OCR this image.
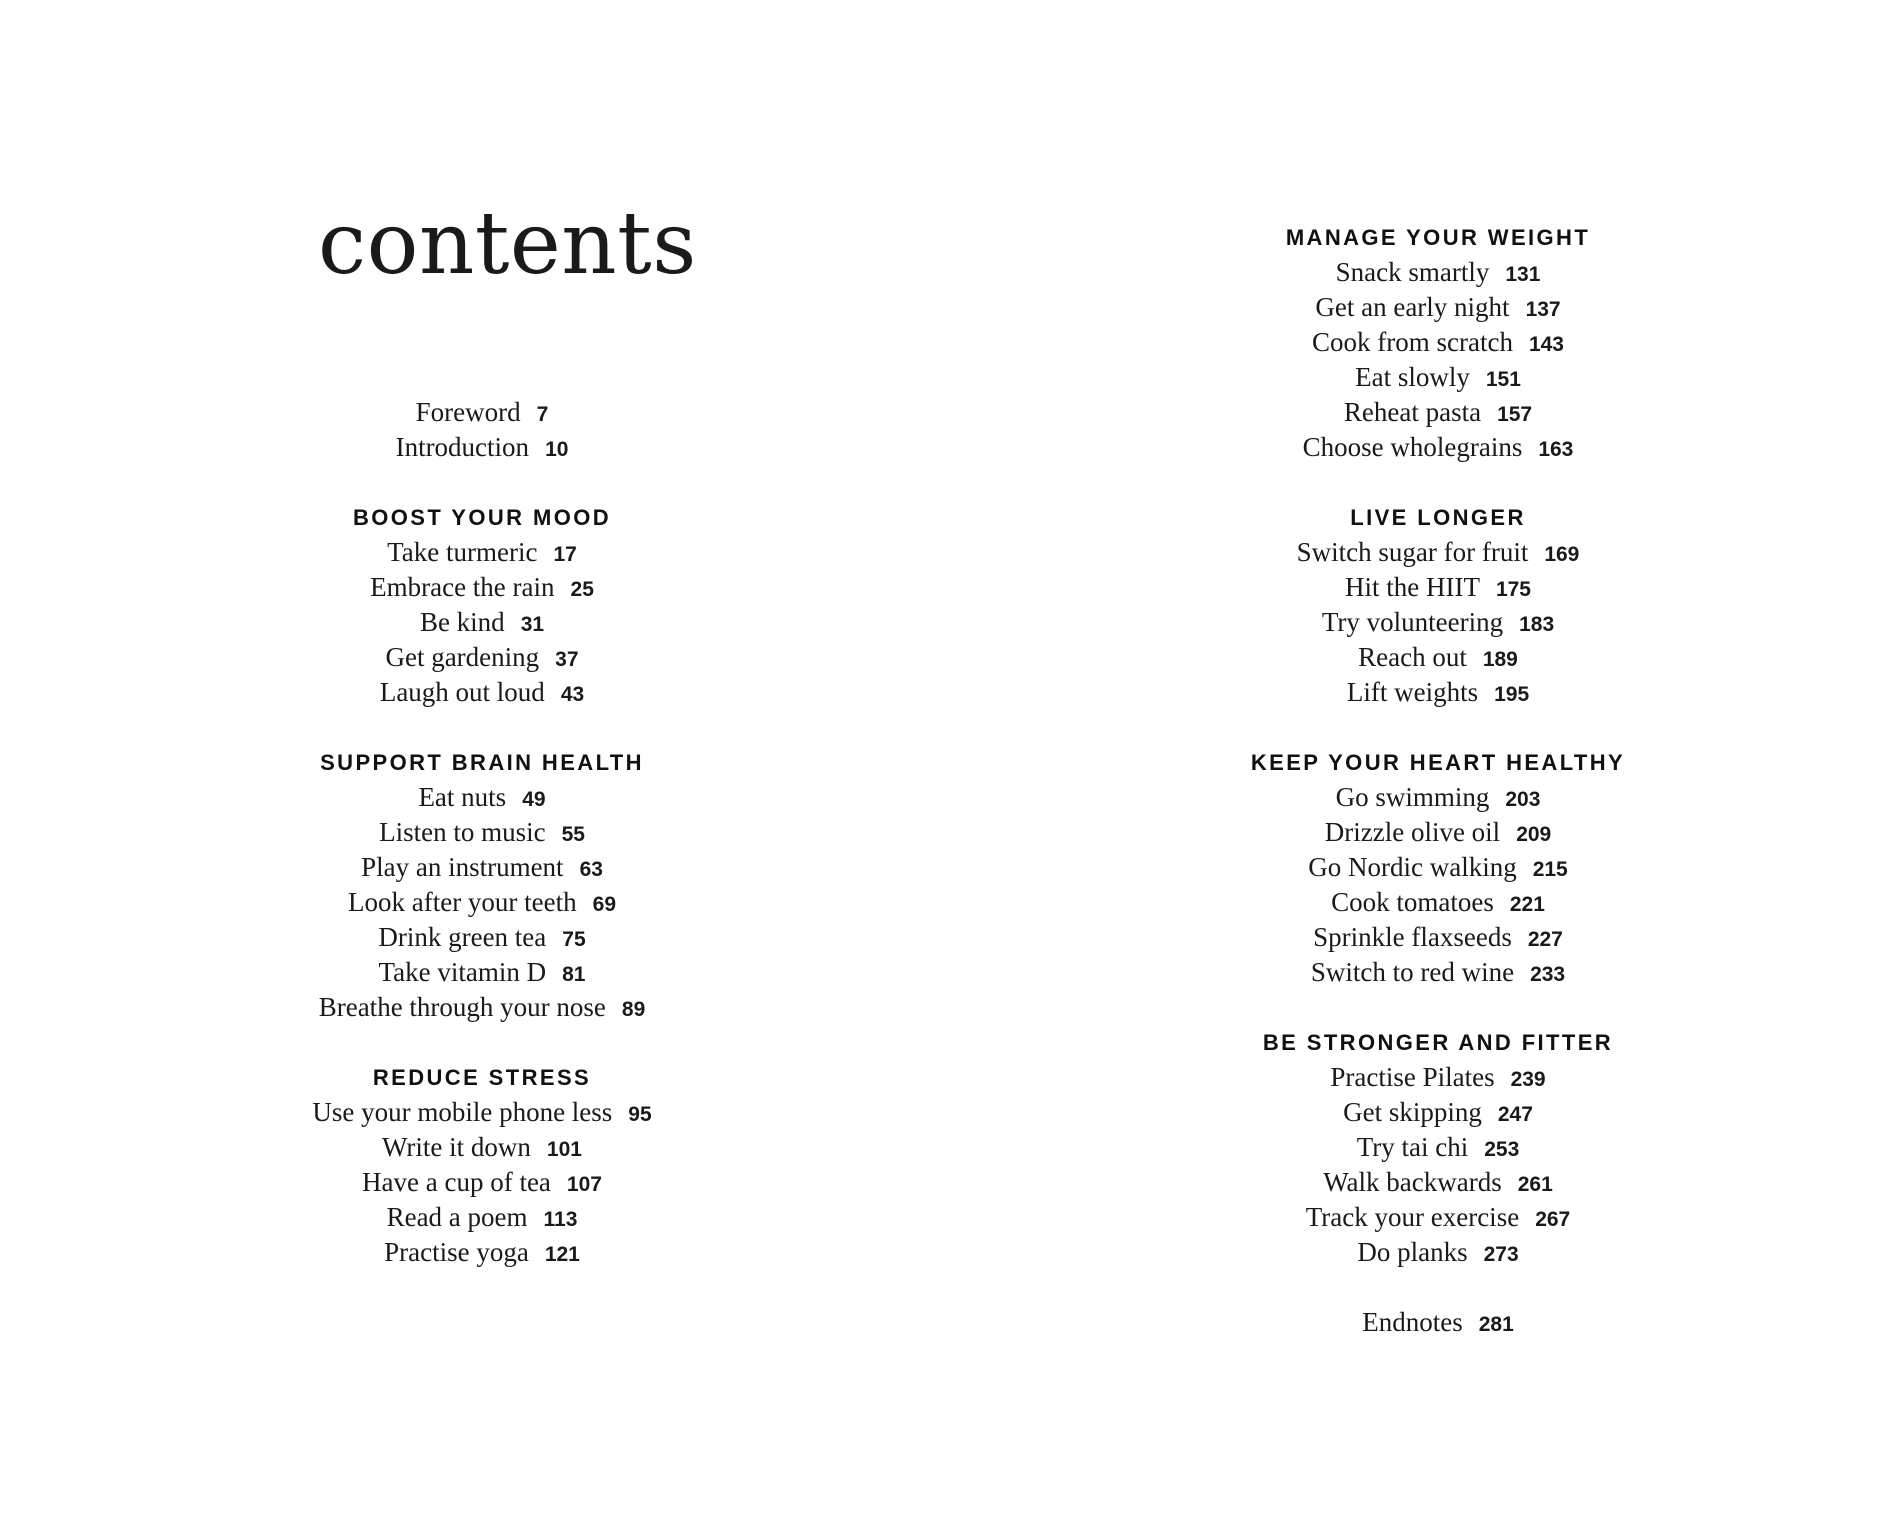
contents
Foreword 7
Introduction 10
BOOST YOUR MOOD
Take turmeric 17
Embrace the rain 25
Be kind 31
Get gardening 37
Laugh out loud 43
SUPPORT BRAIN HEALTH
Eat nuts 49
Listen to music 55
Play an instrument 63
Look after your teeth 69
Drink green tea 75
Take vitamin D 81
Breathe through your nose 89
REDUCE STRESS
Use your mobile phone less 95
Write it down 101
Have a cup of tea 107
Read a poem 113
Practise yoga 121
MANAGE YOUR WEIGHT
Snack smartly 131
Get an early night 137
Cook from scratch 143
Eat slowly 151
Reheat pasta 157
Choose wholegrains 163
LIVE LONGER
Switch sugar for fruit 169
Hit the HIIT 175
Try volunteering 183
Reach out 189
Lift weights 195
KEEP YOUR HEART HEALTHY
Go swimming 203
Drizzle olive oil 209
Go Nordic walking 215
Cook tomatoes 221
Sprinkle flaxseeds 227
Switch to red wine 233
BE STRONGER AND FITTER
Practise Pilates 239
Get skipping 247
Try tai chi 253
Walk backwards 261
Track your exercise 267
Do planks 273
Endnotes 281
